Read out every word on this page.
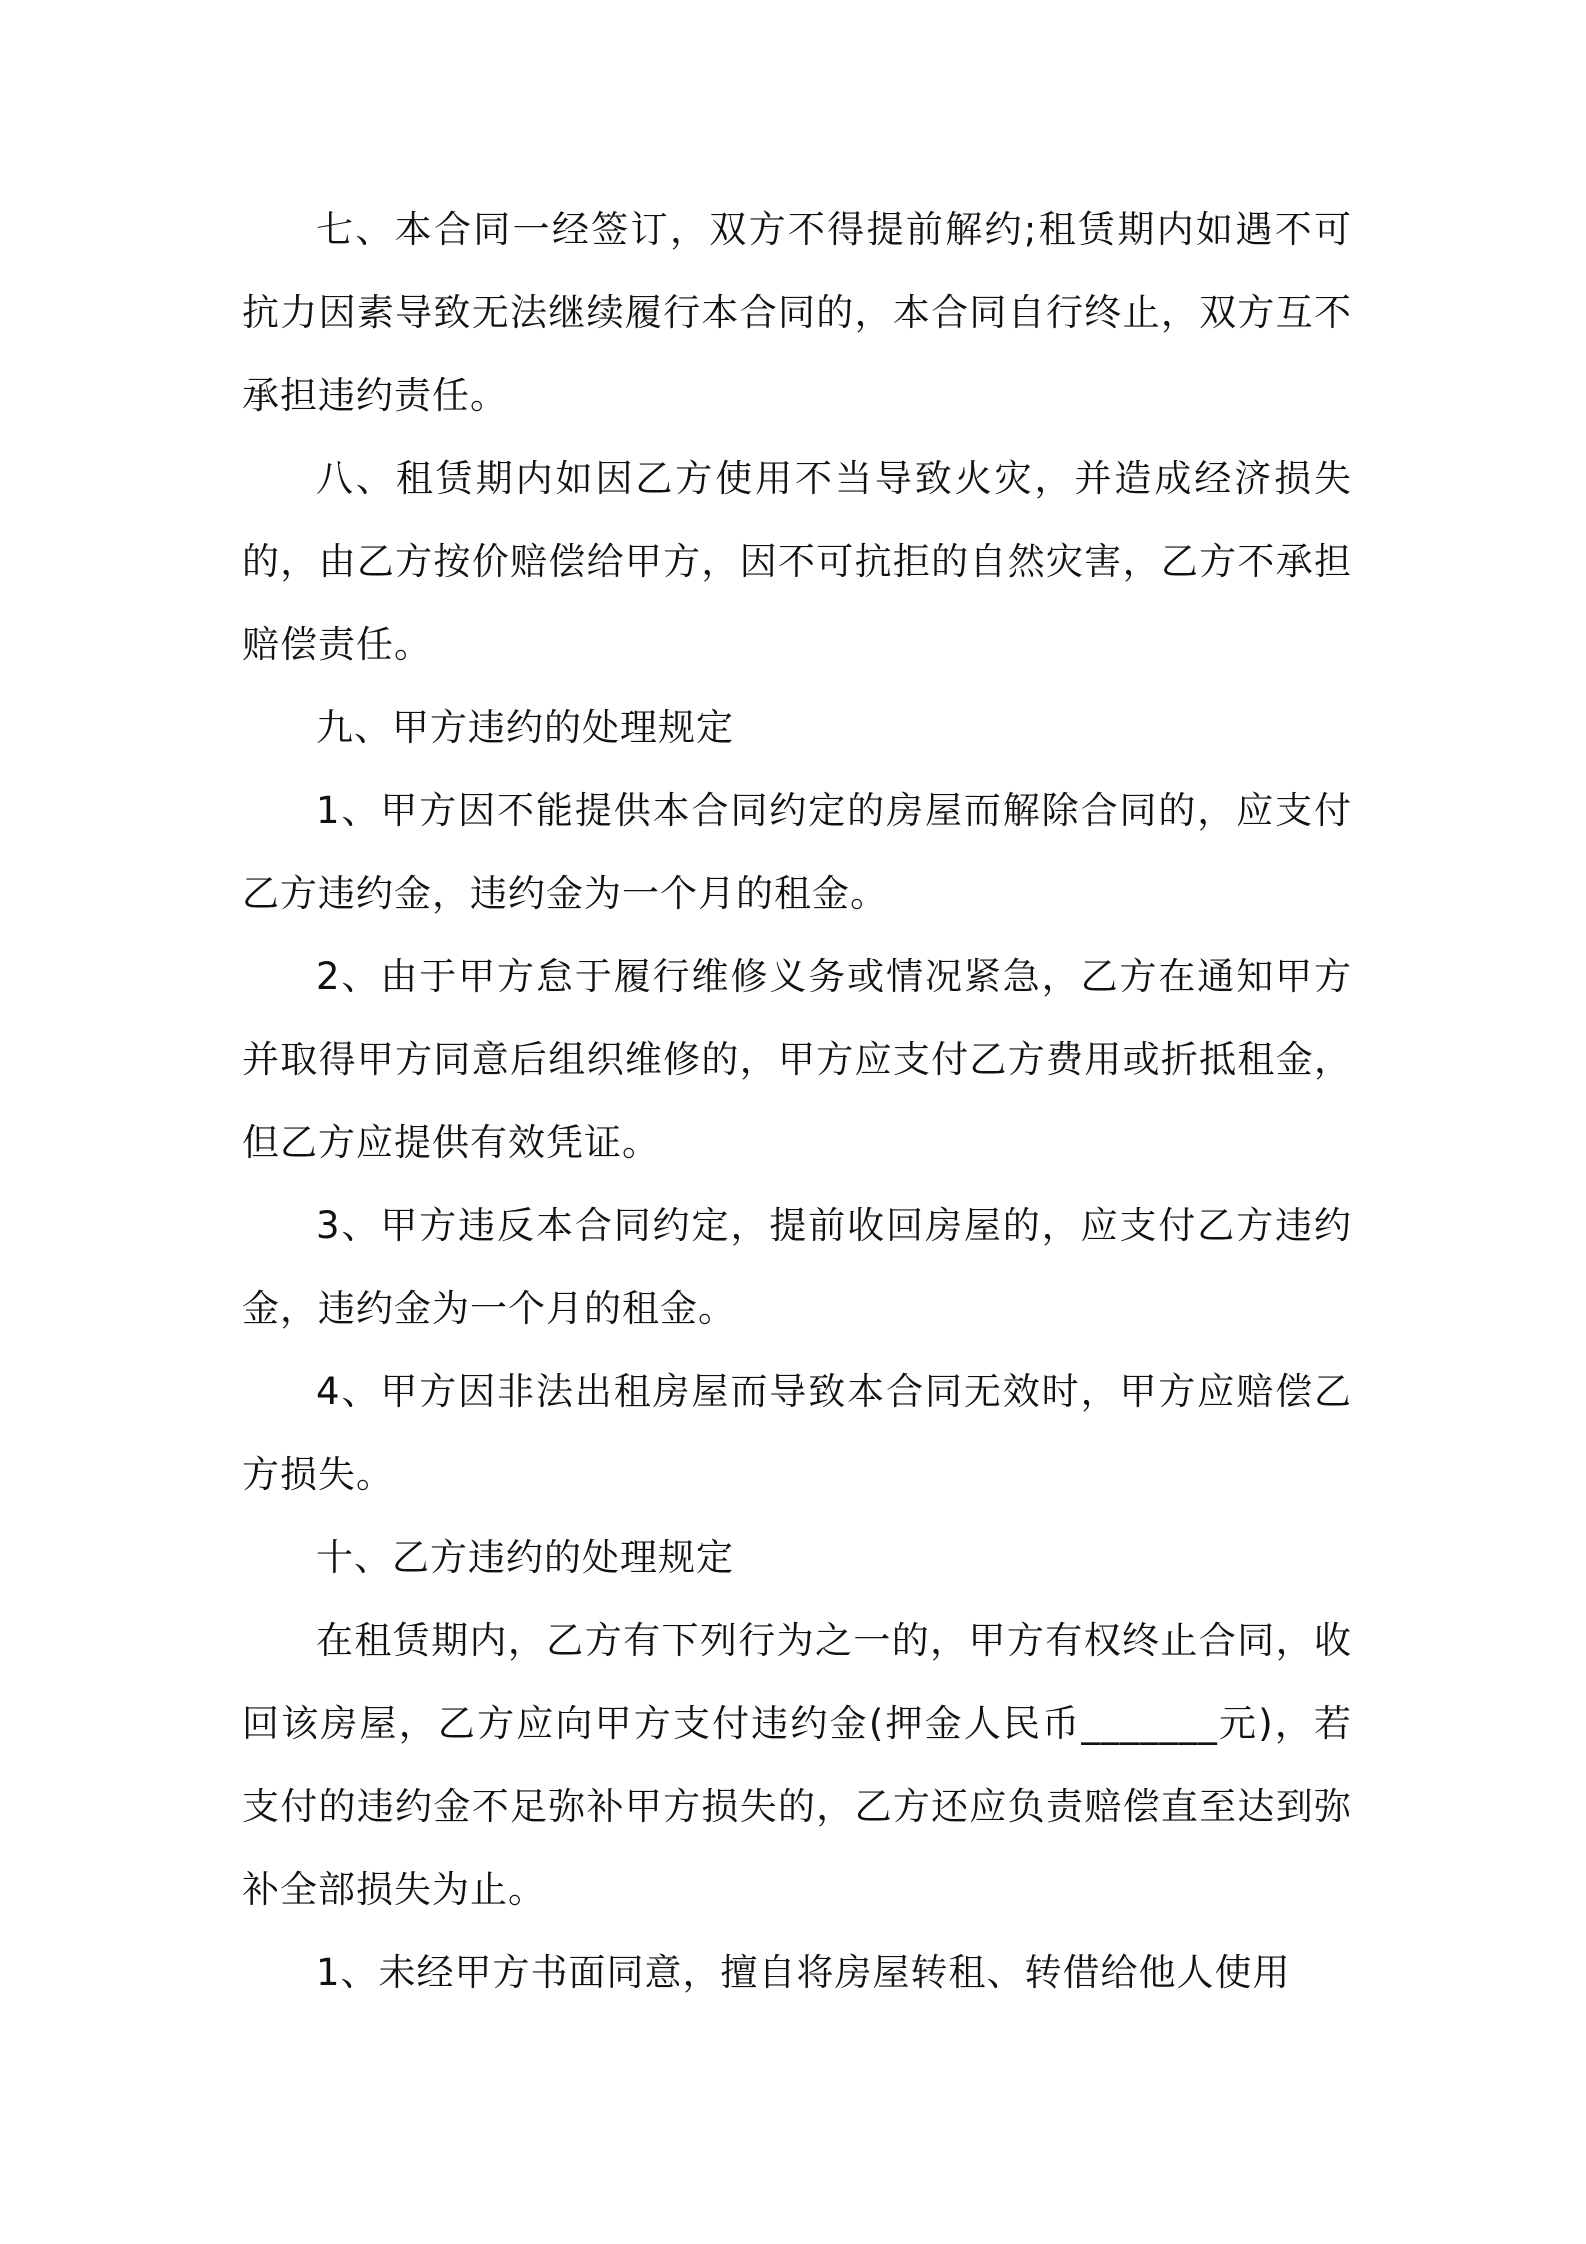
七、本合同一经签订，双方不得提前解约;租赁期内如遇不可抗力因素导致无法继续履行本合同的，本合同自行终止，双方互不承担违约责任。

八、租赁期内如因乙方使用不当导致火灾，并造成经济损失的，由乙方按价赔偿给甲方，因不可抗拒的自然灾害，乙方不承担赔偿责任。

九、甲方违约的处理规定

1、甲方因不能提供本合同约定的房屋而解除合同的，应支付乙方违约金，违约金为一个月的租金。

2、由于甲方怠于履行维修义务或情况紧急，乙方在通知甲方并取得甲方同意后组织维修的，甲方应支付乙方费用或折抵租金，但乙方应提供有效凭证。

3、甲方违反本合同约定，提前收回房屋的，应支付乙方违约金，违约金为一个月的租金。

4、甲方因非法出租房屋而导致本合同无效时，甲方应赔偿乙方损失。

十、乙方违约的处理规定

在租赁期内，乙方有下列行为之一的，甲方有权终止合同，收回该房屋，乙方应向甲方支付违约金(押金人民币_______元)，若支付的违约金不足弥补甲方损失的，乙方还应负责赔偿直至达到弥补全部损失为止。

1、未经甲方书面同意，擅自将房屋转租、转借给他人使用
